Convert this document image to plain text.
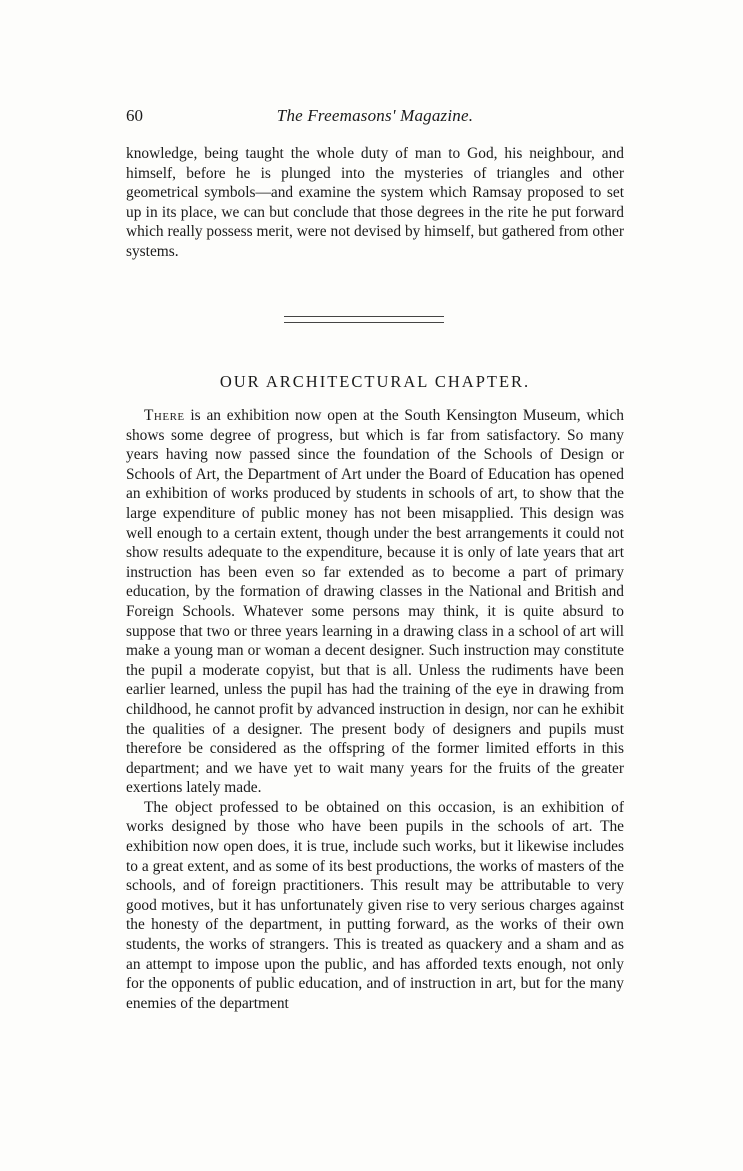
60	The Freemasons' Magazine.

knowledge, being taught the whole duty of man to God, his neighbour, and himself, before he is plunged into the mysteries of triangles and other geometrical symbols—and examine the system which Ramsay proposed to set up in its place, we can but conclude that those degrees in the rite he put forward which really possess merit, were not devised by himself, but gathered from other systems.

OUR ARCHITECTURAL CHAPTER.

There is an exhibition now open at the South Kensington Museum, which shows some degree of progress, but which is far from satisfactory. So many years having now passed since the foundation of the Schools of Design or Schools of Art, the Department of Art under the Board of Education has opened an exhibition of works produced by students in schools of art, to show that the large expenditure of public money has not been misapplied. This design was well enough to a certain extent, though under the best arrangements it could not show results adequate to the expenditure, because it is only of late years that art instruction has been even so far extended as to become a part of primary education, by the formation of drawing classes in the National and British and Foreign Schools. Whatever some persons may think, it is quite absurd to suppose that two or three years learning in a drawing class in a school of art will make a young man or woman a decent designer. Such instruction may constitute the pupil a moderate copyist, but that is all. Unless the rudiments have been earlier learned, unless the pupil has had the training of the eye in drawing from childhood, he cannot profit by advanced instruction in design, nor can he exhibit the qualities of a designer. The present body of designers and pupils must therefore be considered as the offspring of the former limited efforts in this department; and we have yet to wait many years for the fruits of the greater exertions lately made.

The object professed to be obtained on this occasion, is an exhibition of works designed by those who have been pupils in the schools of art. The exhibition now open does, it is true, include such works, but it likewise includes to a great extent, and as some of its best productions, the works of masters of the schools, and of foreign practitioners. This result may be attributable to very good motives, but it has unfortunately given rise to very serious charges against the honesty of the department, in putting forward, as the works of their own students, the works of strangers. This is treated as quackery and a sham and as an attempt to impose upon the public, and has afforded texts enough, not only for the opponents of public education, and of instruction in art, but for the many enemies of the department
